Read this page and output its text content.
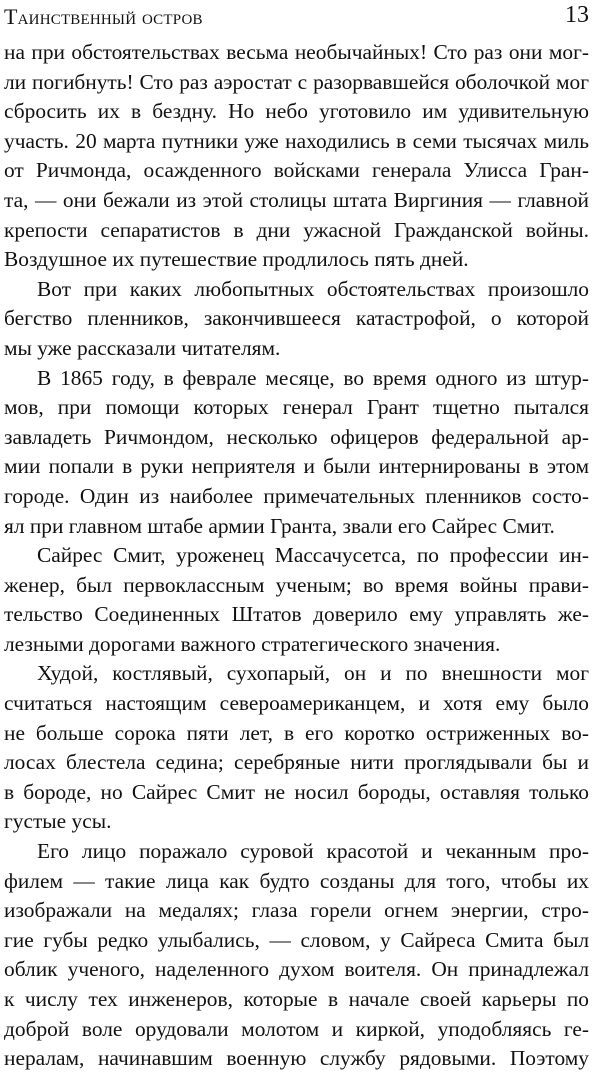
Таинственный остров	13

на при обстоятельствах весьма необычайных! Сто раз они мог-
ли погибнуть! Сто раз аэростат с разорвавшейся оболочкой мог
сбросить их в бездну. Но небо уготовило им удивительную
участь. 20 марта путники уже находились в семи тысячах миль
от Ричмонда, осажденного войсками генерала Улисса Гран-
та, — они бежали из этой столицы штата Виргиния — главной
крепости сепаратистов в дни ужасной Гражданской войны.
Воздушное их путешествие продлилось пять дней.

Вот при каких любопытных обстоятельствах произошло
бегство пленников, закончившееся катастрофой, о которой
мы уже рассказали читателям.

В 1865 году, в феврале месяце, во время одного из штур-
мов, при помощи которых генерал Грант тщетно пытался
завладеть Ричмондом, несколько офицеров федеральной ар-
мии попали в руки неприятеля и были интернированы в этом
городе. Один из наиболее примечательных пленников состо-
ял при главном штабе армии Гранта, звали его Сайрес Смит.

Сайрес Смит, уроженец Массачусетса, по профессии ин-
женер, был первоклассным ученым; во время войны прави-
тельство Соединенных Штатов доверило ему управлять же-
лезными дорогами важного стратегического значения.

Худой, костлявый, сухопарый, он и по внешности мог
считаться настоящим североамериканцем, и хотя ему было
не больше сорока пяти лет, в его коротко остриженных во-
лосах блестела седина; серебряные нити проглядывали бы и
в бороде, но Сайрес Смит не носил бороды, оставляя только
густые усы.

Его лицо поражало суровой красотой и чеканным про-
филем — такие лица как будто созданы для того, чтобы их
изображали на медалях; глаза горели огнем энергии, стро-
гие губы редко улыбались, — словом, у Сайреса Смита был
облик ученого, наделенного духом воителя. Он принадлежал
к числу тех инженеров, которые в начале своей карьеры по
доброй воле орудовали молотом и киркой, уподобляясь ге-
нералам, начинавшим военную службу рядовыми. Поэтому
